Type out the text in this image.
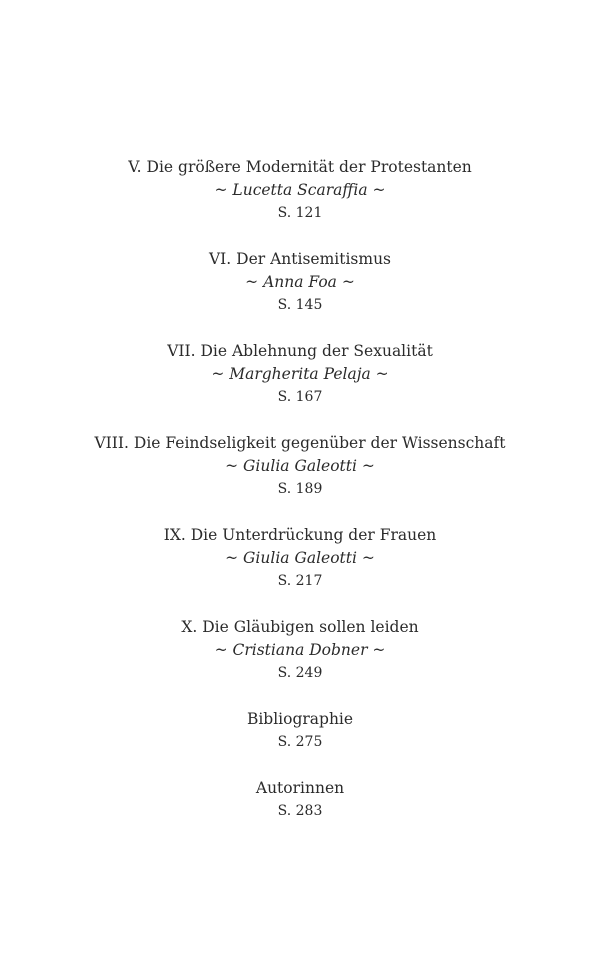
V. Die größere Modernität der Protestanten
~ Lucetta Scaraffia ~
S. 121
VI. Der Antisemitismus
~ Anna Foa ~
S. 145
VII. Die Ablehnung der Sexualität
~ Margherita Pelaja ~
S. 167
VIII. Die Feindseligkeit gegenüber der Wissenschaft
~ Giulia Galeotti ~
S. 189
IX. Die Unterdrückung der Frauen
~ Giulia Galeotti ~
S. 217
X. Die Gläubigen sollen leiden
~ Cristiana Dobner ~
S. 249
Bibliographie
S. 275
Autorinnen
S. 283
